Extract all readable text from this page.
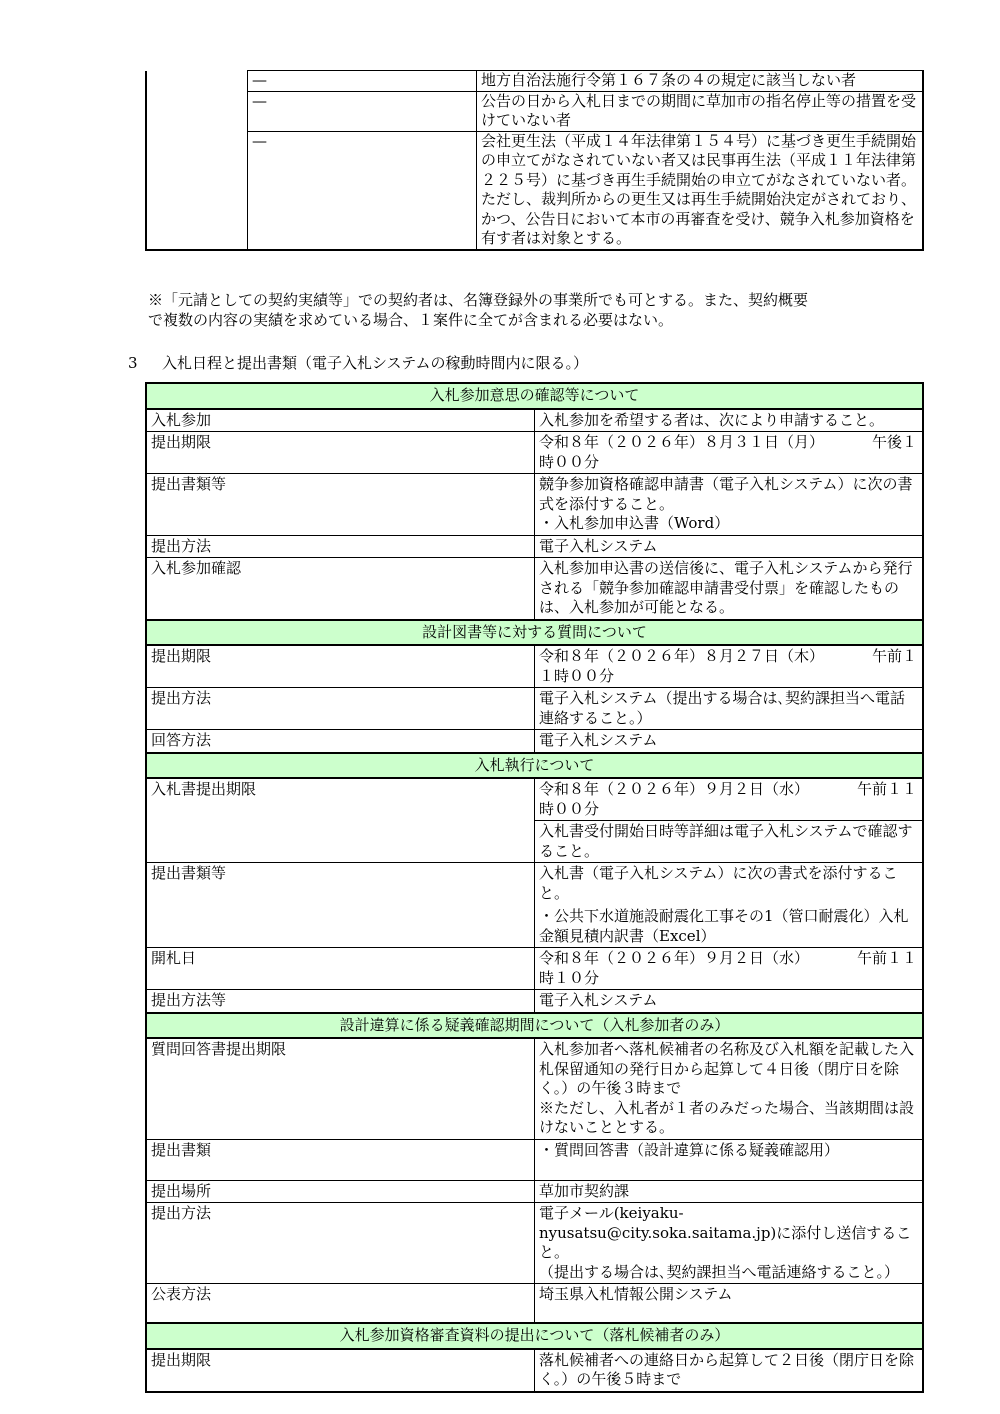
	—	地方自治法施行令第１６７条の４の規定に該当しない者
	—	公告の日から入札日までの期間に草加市の指名停止等の措置を受けていない者
	—	会社更生法（平成１４年法律第１５４号）に基づき更生手続開始の申立てがなされていない者又は民事再生法（平成１１年法律第２２５号）に基づき再生手続開始の申立てがなされていない者。ただし、裁判所からの更生又は再生手続開始決定がされており、かつ、公告日において本市の再審査を受け、競争入札参加資格を有す者は対象とする。

※「元請としての契約実績等」での契約者は、名簿登録外の事業所でも可とする。また、契約概要

で複数の内容の実績を求めている場合、１案件に全てが含まれる必要はない。

3 入札日程と提出書類（電子入札システムの稼動時間内に限る。）
入札参加意思の確認等について	
入札参加	入札参加を希望する者は、次により申請すること。
提出期限	令和８年（２０２６年）８月３１日（月） 午後１時００分
提出書類等	競争参加資格確認申請書（電子入札システム）に次の書式を添付すること。
・入札参加申込書（Word）

提出方法	電子入札システム
入札参加確認	入札参加申込書の送信後に、電子入札システムから発行される「競争参加確認申請書受付票」を確認したものは、入札参加が可能となる。
設計図書等に対する質問について	
提出期限	令和８年（２０２６年）８月２７日（木） 午前１１時００分
提出方法	電子入札システム（提出する場合は､契約課担当へ電話連絡すること。）
回答方法	電子入札システム
入札執行について	
入札書提出期限	令和８年（２０２６年）９月２日（水） 午前１１時００分
	入札書受付開始日時等詳細は電子入札システムで確認すること。
提出書類等	入札書（電子入札システム）に次の書式を添付すること。
・公共下水道施設耐震化工事その1（管口耐震化）入札金額見積内訳書（Excel）

開札日	令和８年（２０２６年）９月２日（水） 午前１１時１０分
提出方法等	電子入札システム
設計違算に係る疑義確認期間について（入札参加者のみ）	
質問回答書提出期限	入札参加者へ落札候補者の名称及び入札額を記載した入札保留通知の発行日から起算して４日後（閉庁日を除く。）の午後３時まで
※ただし、入札者が１者のみだった場合、当該期間は設けないこととする。

提出書類	・質問回答書（設計違算に係る疑義確認用）
提出場所	草加市契約課
提出方法	電子メール(keiyaku-nyusatsu@city.soka.saitama.jp)に添付し送信すること。
（提出する場合は､契約課担当へ電話連絡すること。）

公表方法	埼玉県入札情報公開システム
入札参加資格審査資料の提出について（落札候補者のみ）	
提出期限	落札候補者への連絡日から起算して２日後（閉庁日を除く。）の午後５時まで
